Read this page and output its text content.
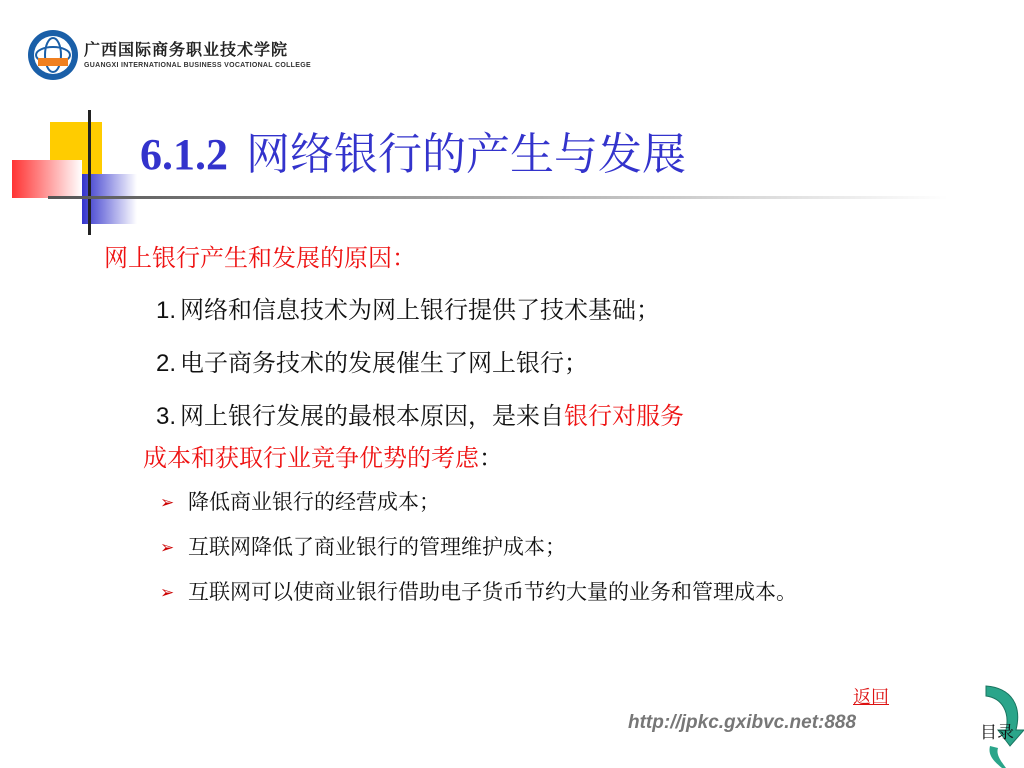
广西国际商务职业技术学院
GUANGXI INTERNATIONAL BUSINESS VOCATIONAL COLLEGE
6.1.2 网络银行的产生与发展
网上银行产生和发展的原因：
1. 网络和信息技术为网上银行提供了技术基础；
2. 电子商务技术的发展催生了网上银行；
3. 网上银行发展的最根本原因，是来自银行对服务
成本和获取行业竞争优势的考虑：
➢ 降低商业银行的经营成本；
➢ 互联网降低了商业银行的管理维护成本；
➢ 互联网可以使商业银行借助电子货币节约大量的业务和管理成本。
返回
http://jpkc.gxibvc.net:888	目录
